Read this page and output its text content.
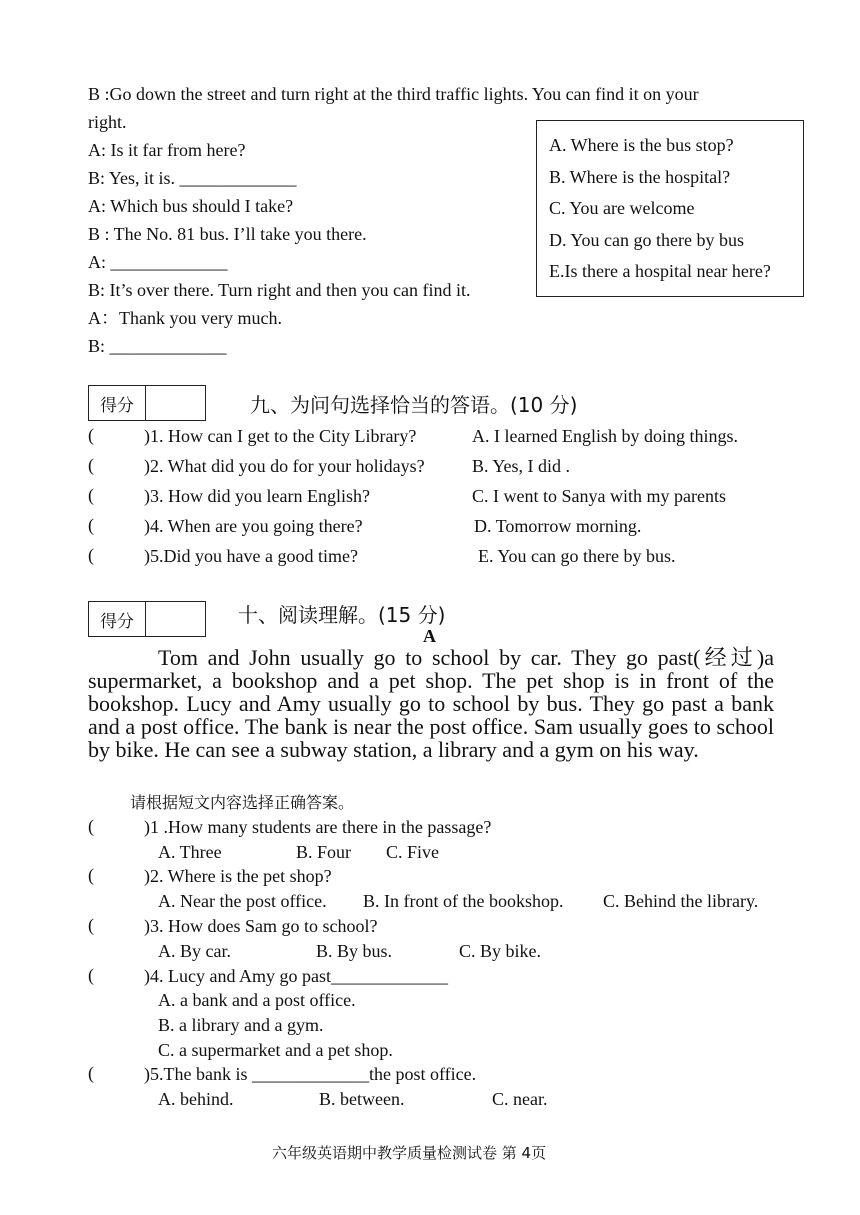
B :Go down the street and turn right at the third traffic lights. You can find it on your
right.
A: Is it far from here?
B: Yes, it is. _____________
A: Which bus should I take?
B : The No. 81 bus. I’ll take you there.
A: _____________
B: It’s over there. Turn right and then you can find it.
A：Thank you very much.
B: _____________
A. Where is the bus stop?
B. Where is the hospital?
C. You are welcome
D. You can go there by bus
E.Is there a hospital near here?
得分	九、为问句选择恰当的答语。(10 分)
(	)1. How can I get to the City Library?	A. I learned English by doing things.
(	)2. What did you do for your holidays?	B. Yes, I did .
(	)3. How did you learn English?	C. I went to Sanya with my parents
(	)4. When are you going there?	D. Tomorrow morning.
(	)5.Did you have a good time?	E. You can go there by bus.
得分	十、阅读理解。(15 分)
A
Tom and John usually go to school by car. They go past(经过)a supermarket, a bookshop and a pet shop. The pet shop is in front of the bookshop. Lucy and Amy usually go to school by bus. They go past a bank and a post office. The bank is near the post office. Sam usually goes to school by bike. He can see a subway station, a library and a gym on his way.
请根据短文内容选择正确答案。
(	)1 .How many students are there in the passage?
A. Three	B. Four C. Five
(	)2. Where is the pet shop?
A. Near the post office. B. In front of the bookshop. C. Behind the library.
(	)3. How does Sam go to school?
A. By car.	B. By bus.	C. By bike.
(	)4. Lucy and Amy go past_____________
A. a bank and a post office.
B. a library and a gym.
C. a supermarket and a pet shop.
(	)5.The bank is _____________the post office.
A. behind.	B. between.	C. near.
六年级英语期中教学质量检测试卷 第 4页
